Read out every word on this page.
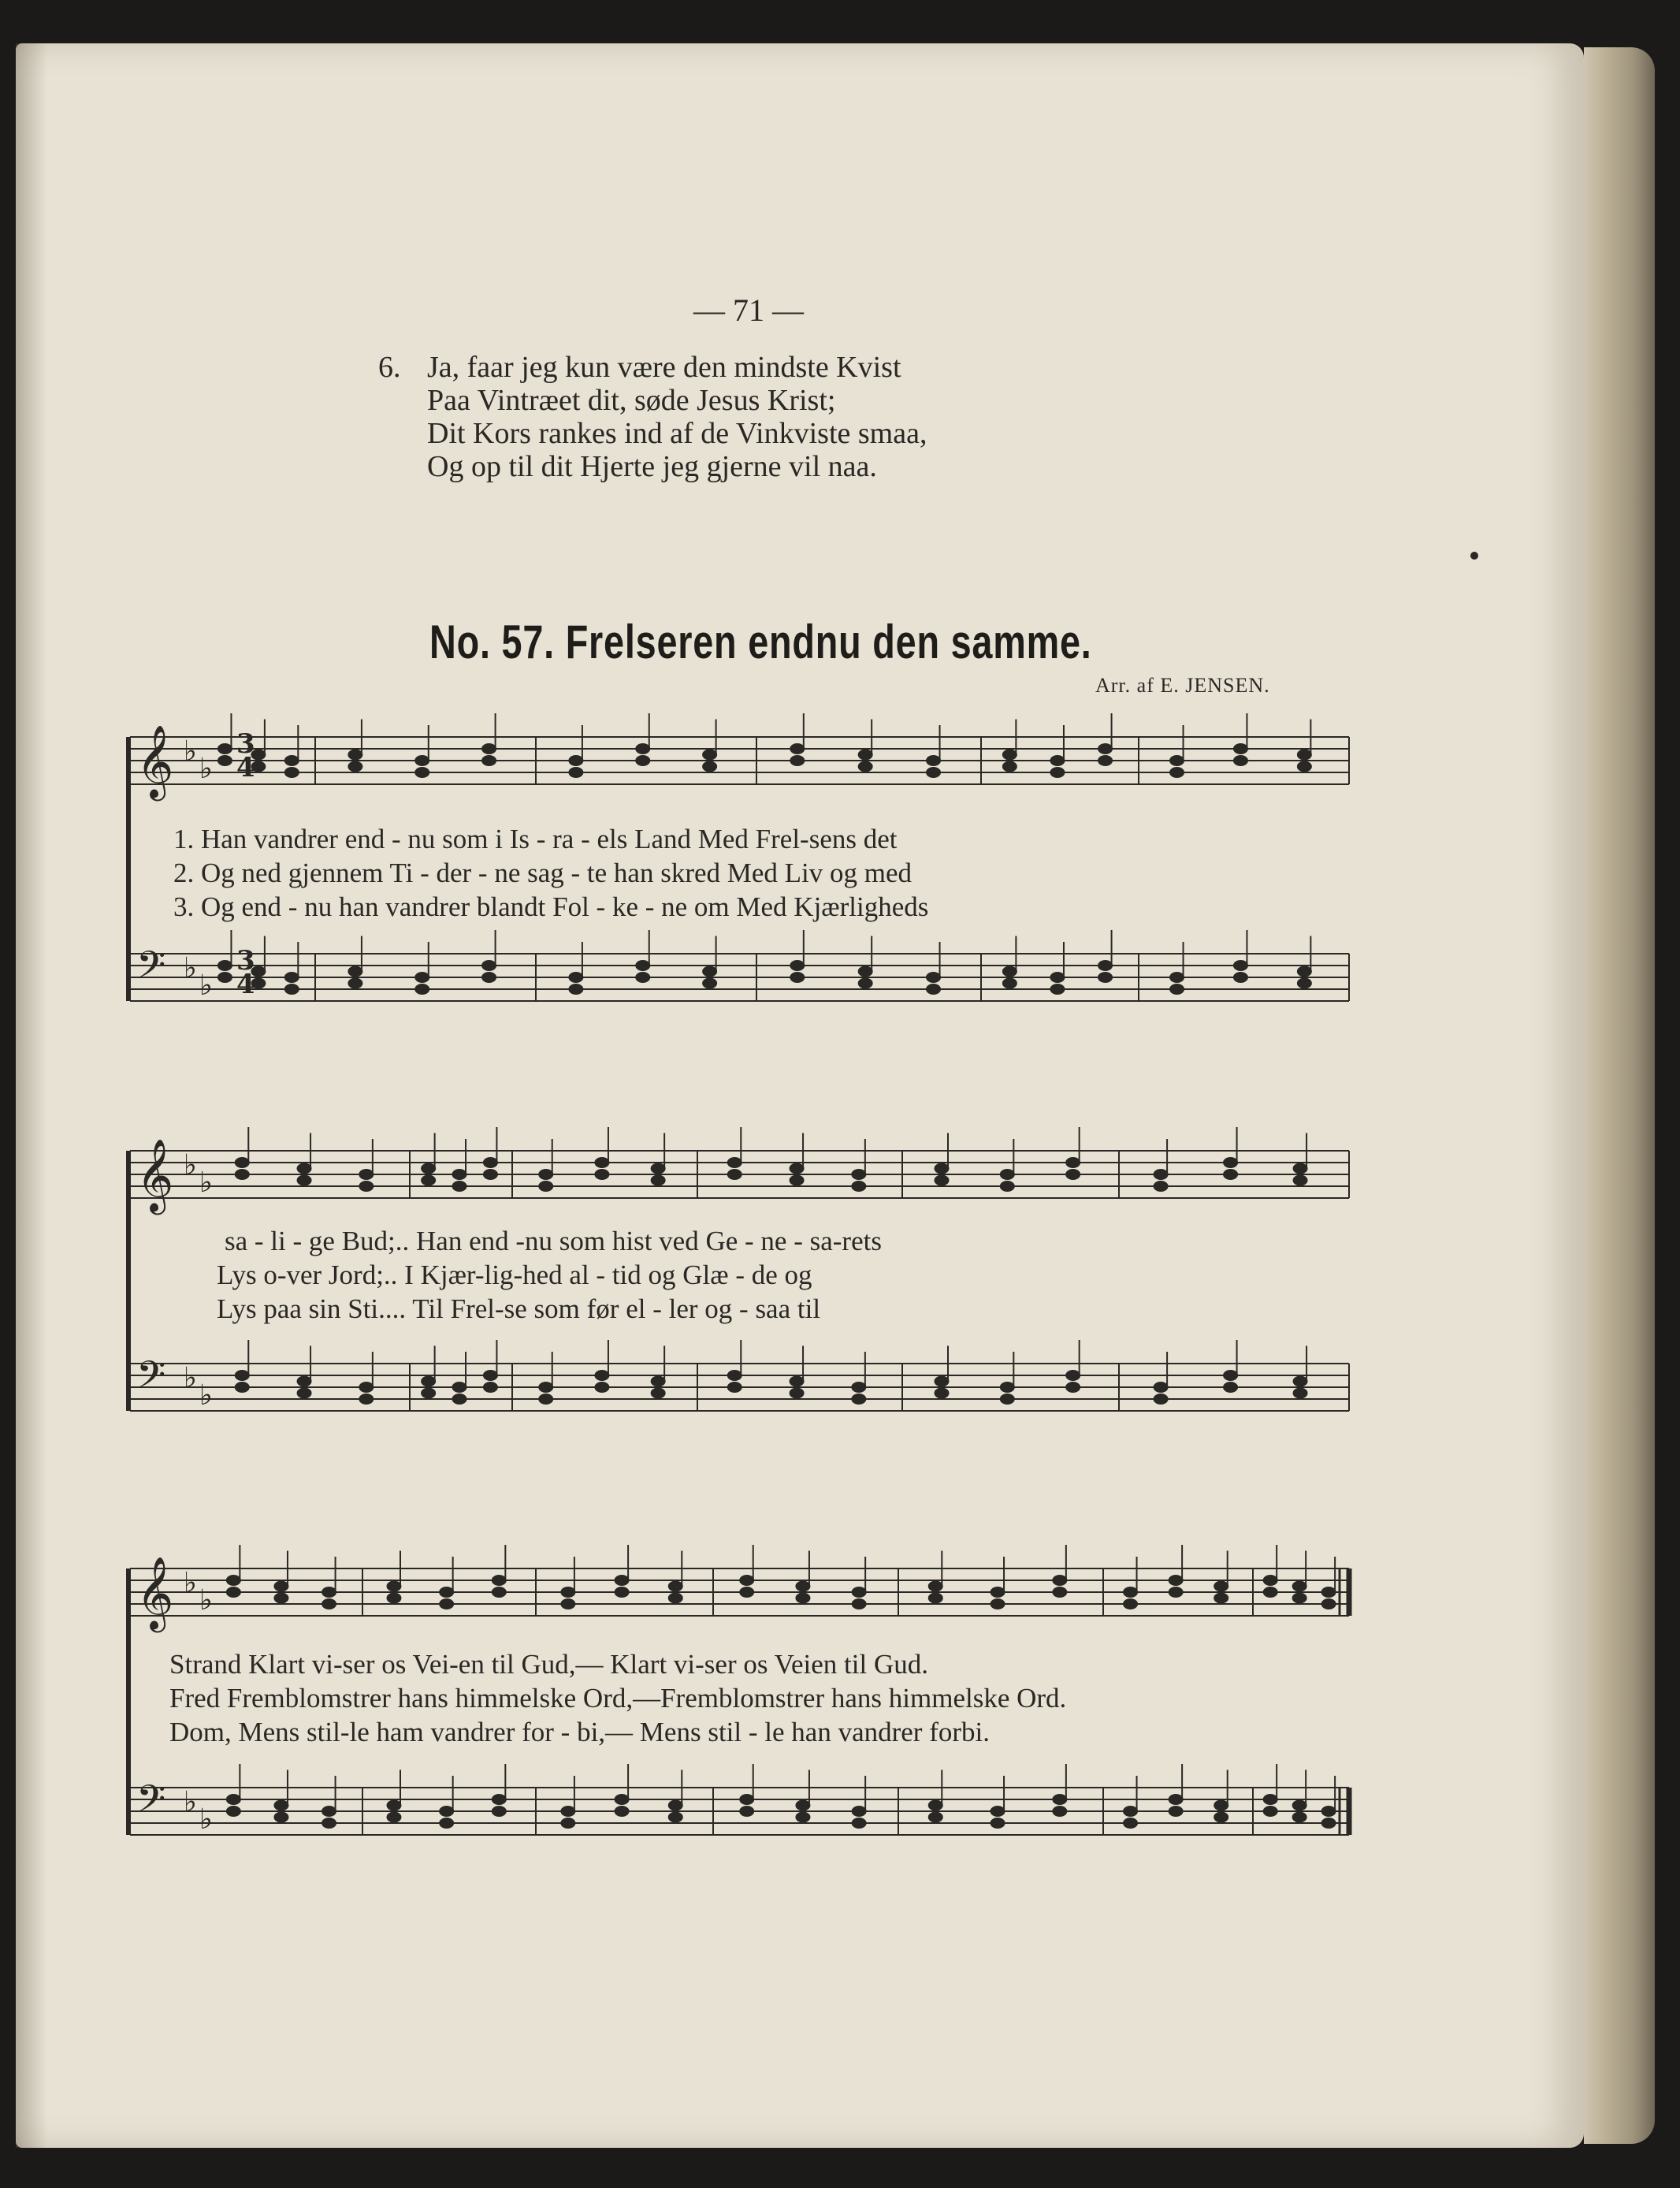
— 71 —
6. Ja, faar jeg kun være den mindste Kvist
Paa Vintræet dit, søde Jesus Krist;
Dit Kors rankes ind af de Vinkviste smaa,
Og op til dit Hjerte jeg gjerne vil naa.
No. 57. Frelseren endnu den samme.
Arr. af E. JENSEN.
1. Han vandrer end - nu som i Is - ra - els Land Med Frel-sens det
2. Og ned gjennem Ti - der - ne sag - te han skred Med Liv og med
3. Og end - nu han vandrer blandt Fol - ke - ne om Med Kjærligheds
sa - li - ge Bud;.. Han end -nu som hist ved Ge - ne - sa-rets
Lys o-ver Jord;.. I Kjær-lig-hed al - tid og Glæ - de og
Lys paa sin Sti.... Til Frel-se som før el - ler og - saa til
Strand Klart vi-ser os Vei-en til Gud,— Klart vi-ser os Veien til Gud.
Fred Fremblomstrer hans himmelske Ord,—Fremblomstrer hans himmelske Ord.
Dom, Mens stil-le ham vandrer for - bi,— Mens stil - le han vandrer forbi.
𝄞 ♭
♭
𝄢 ♭
♭
𝄞 ♭
♭
𝄢 ♭
♭
𝄞 ♭
♭
𝄢 ♭
♭
3
4
3
4
